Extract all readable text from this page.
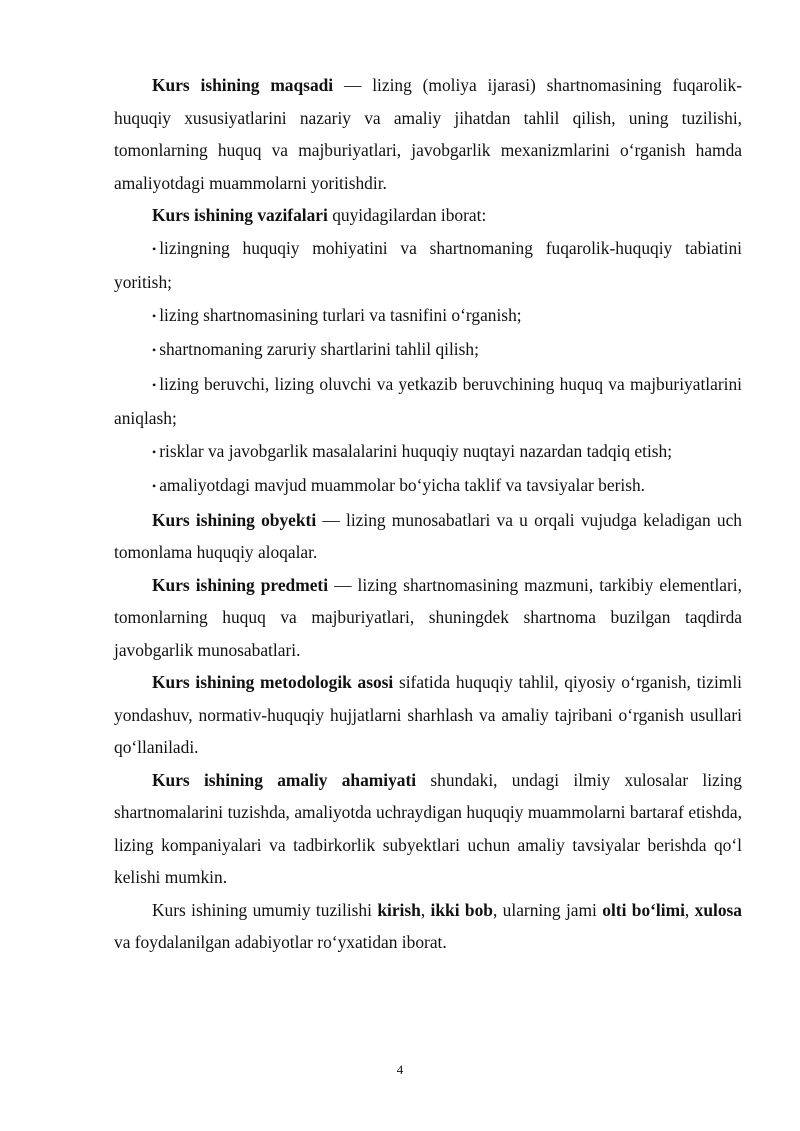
Kurs ishining maqsadi — lizing (moliya ijarasi) shartnomasining fuqarolik-huquqiy xususiyatlarini nazariy va amaliy jihatdan tahlil qilish, uning tuzilishi, tomonlarning huquq va majburiyatlari, javobgarlik mexanizmlarini o‘rganish hamda amaliyotdagi muammolarni yoritishdir.

Kurs ishining vazifalari quyidagilardan iborat:

• lizingning huquqiy mohiyatini va shartnomaning fuqarolik-huquqiy tabiatini yoritish;

• lizing shartnomasining turlari va tasnifini o‘rganish;

• shartnomaning zaruriy shartlarini tahlil qilish;

• lizing beruvchi, lizing oluvchi va yetkazib beruvchining huquq va majburiyatlarini aniqlash;

• risklar va javobgarlik masalalarini huquqiy nuqtayi nazardan tadqiq etish;

• amaliyotdagi mavjud muammolar bo‘yicha taklif va tavsiyalar berish.

Kurs ishining obyekti — lizing munosabatlari va u orqali vujudga keladigan uch tomonlama huquqiy aloqalar.

Kurs ishining predmeti — lizing shartnomasining mazmuni, tarkibiy elementlari, tomonlarning huquq va majburiyatlari, shuningdek shartnoma buzilgan taqdirda javobgarlik munosabatlari.

Kurs ishining metodologik asosi sifatida huquqiy tahlil, qiyosiy o‘rganish, tizimli yondashuv, normativ-huquqiy hujjatlarni sharhlash va amaliy tajribani o‘rganish usullari qo‘llaniladi.

Kurs ishining amaliy ahamiyati shundaki, undagi ilmiy xulosalar lizing shartnomalarini tuzishda, amaliyotda uchraydigan huquqiy muammolarni bartaraf etishda, lizing kompaniyalari va tadbirkorlik subyektlari uchun amaliy tavsiyalar berishda qo‘l kelishi mumkin.

Kurs ishining umumiy tuzilishi kirish, ikki bob, ularning jami olti bo‘limi, xulosa va foydalanilgan adabiyotlar ro‘yxatidan iborat.

4
